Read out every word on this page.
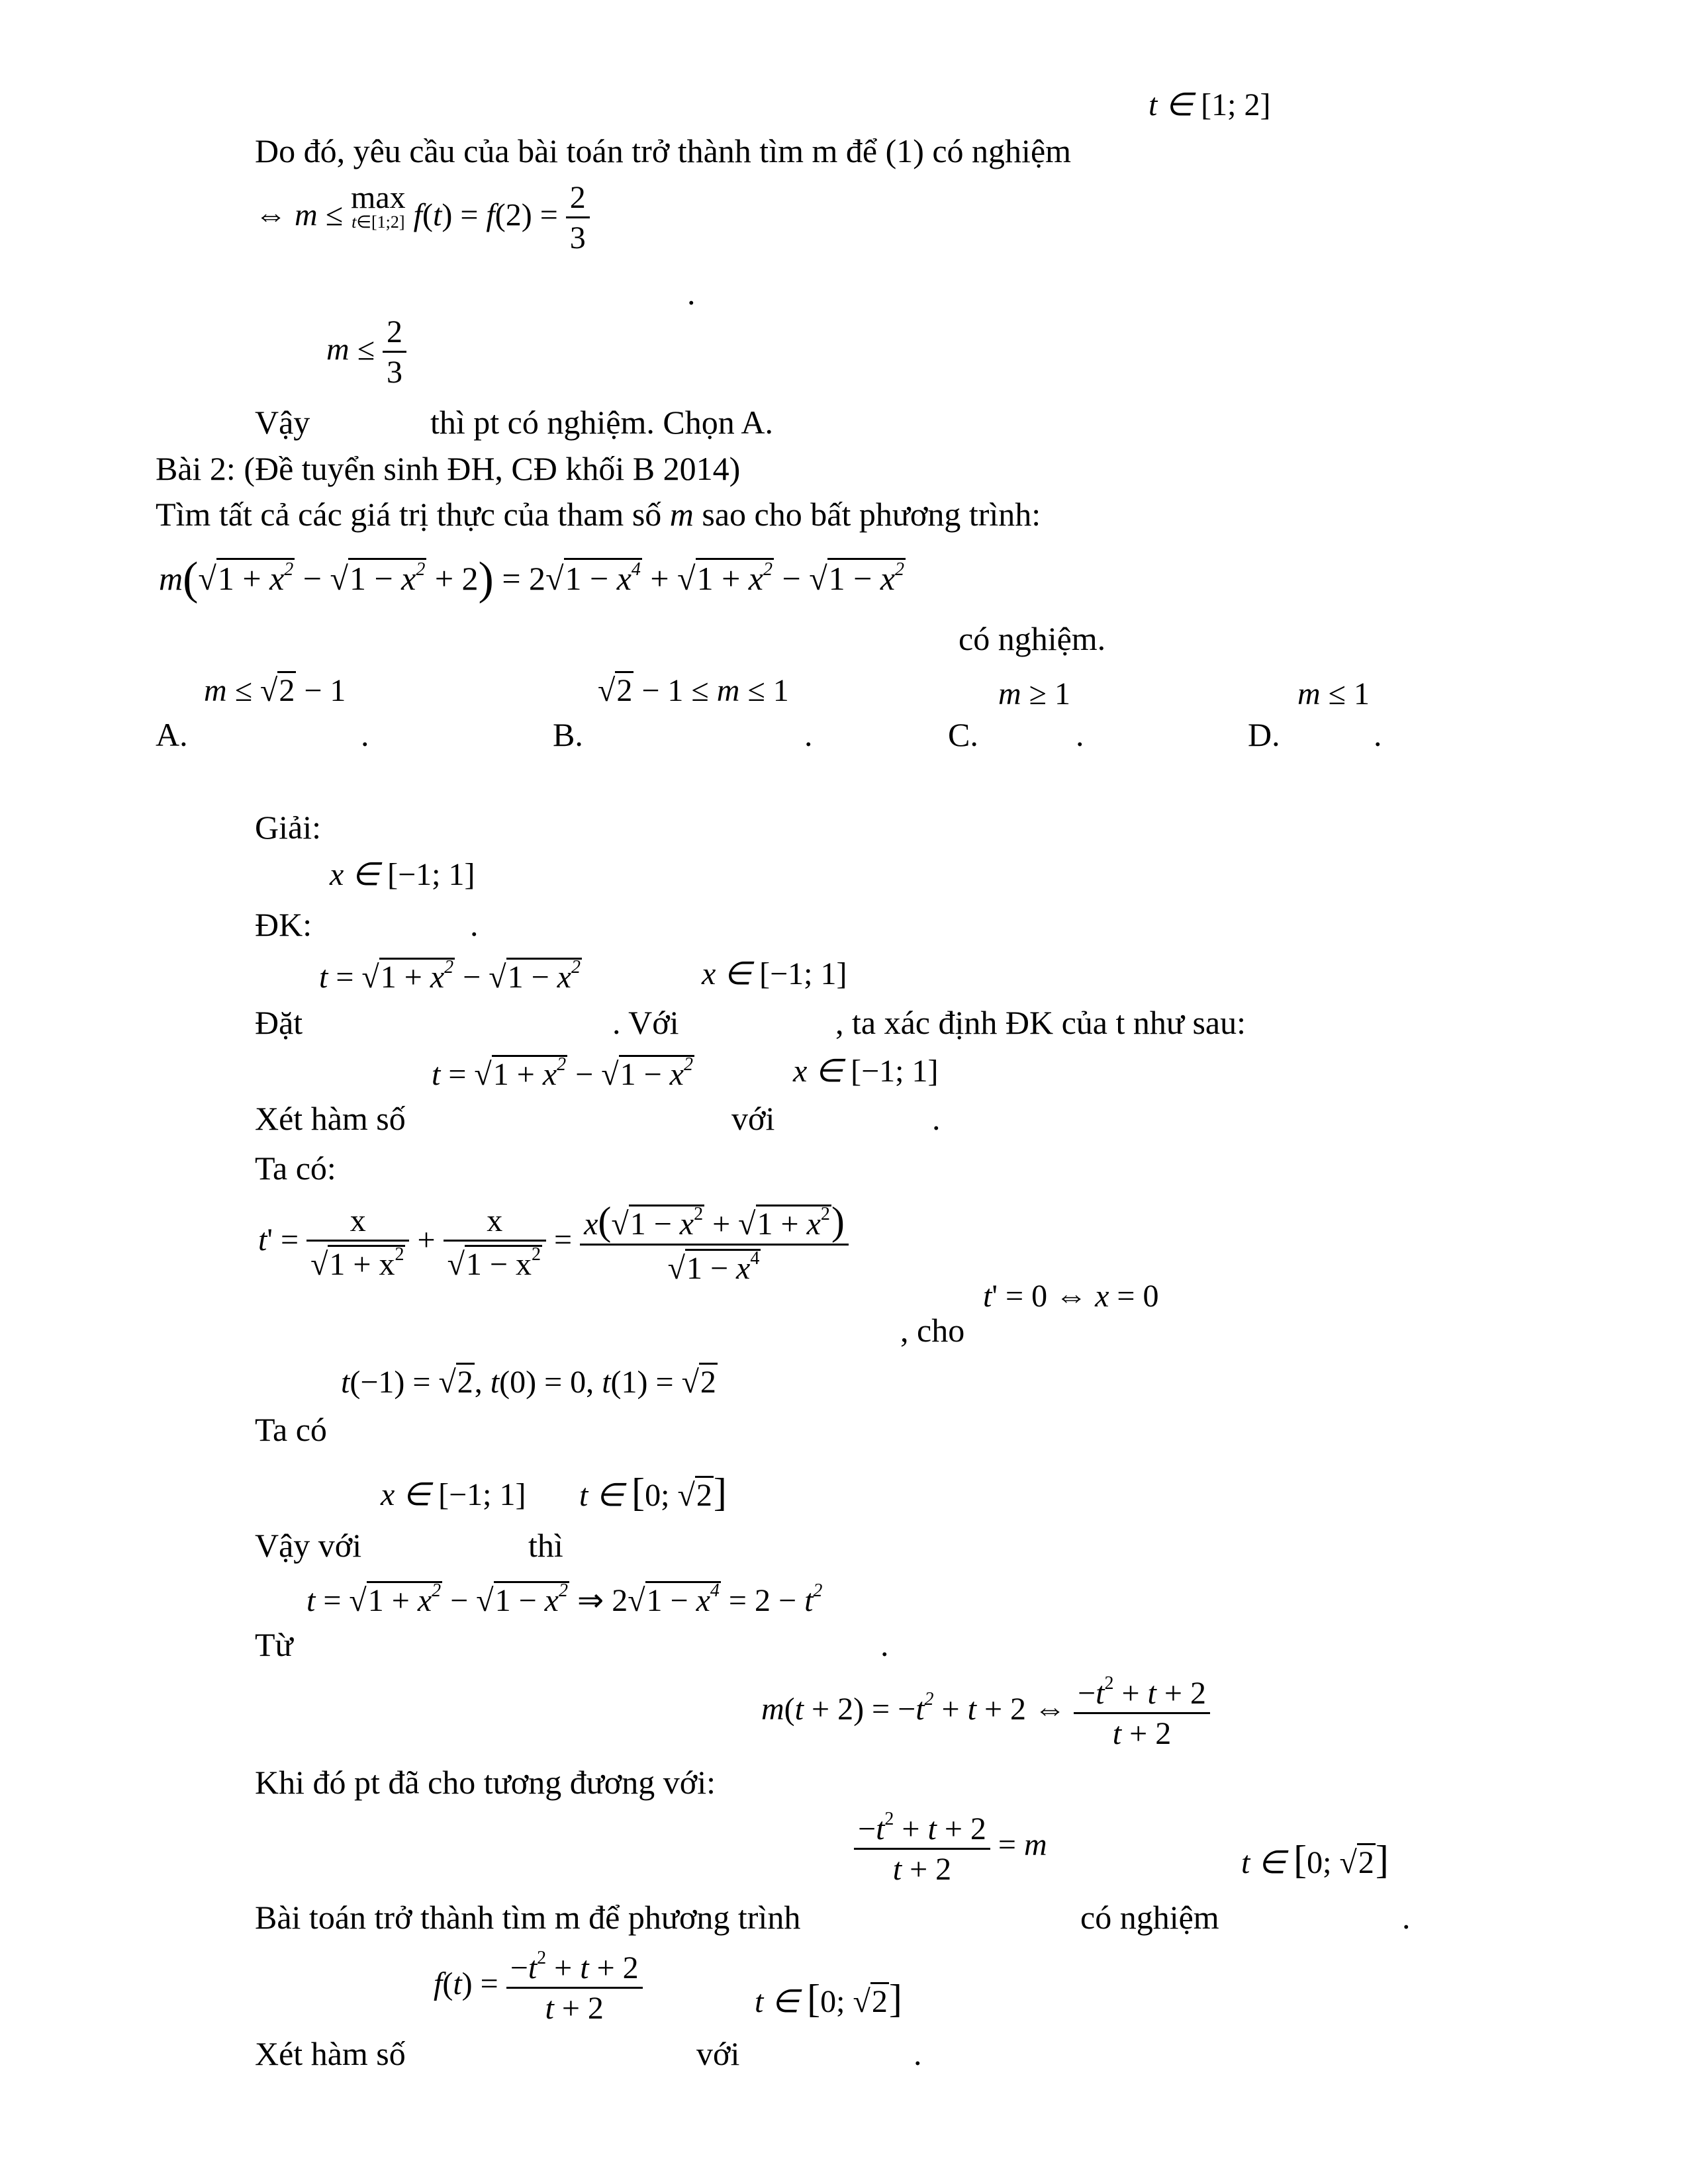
t ∈ [1; 2]
Do đó, yêu cầu của bài toán trở thành tìm m để (1) có nghiệm
⇔ m ≤
max
t∈[1;2] $f(t) = f(2) = \frac{2}{3}$
.
$m \le \frac{2}{3}$
Vậy	thì pt có nghiệm. Chọn A.
Bài 2: (Đề tuyển sinh ĐH, CĐ khối B 2014)
Tìm tất cả các giá trị thực của tham số m sao cho bất phương trình:
$m(√1 + x^2 - √1 - x^2 + 2) = 2√1 - x^4 + √1 + x^2 - √1 - x^2$
có nghiệm.
m ≤ √2 − 1	√2 − 1 ≤ m ≤ 1	m ≥ 1	m ≤ 1
A.	.	B.	.	C.	.	D.	.
Giải:
x ∈ [−1; 1]
ĐK:	.
$t = √1 + x^2 - √1 - x^2$	x ∈ [−1; 1]
Đặt	. Với	, ta xác định ĐK của t như sau:
$t = √1 + x^2 - √1 - x^2$	x ∈ [−1; 1]
Xét hàm số	với	.
Ta có:
$t' = \frac{x}{√1 + x^2} + \frac{x}{√1 - x^2} = \frac{x(√1 - x^2 + √1 + x^2)}{√1 - x^4}$
t' = 0 ⇔ x = 0
, cho
t(−1) = √2, t(0) = 0, t(1) = √2
Ta có
x ∈ [−1; 1] t ∈ [0; √2]
Vậy với	thì
$t = √1 + x^2 - √1 - x^2$ ⇒ $2√1 - x^4 = 2 - t^2$
Từ	.
$m(t + 2) = -t^2 + t + 2$ ⇔ $\frac{-t^2 + t + 2}{t + 2}$
Khi đó pt đã cho tương đương với:
$\frac{-t^2 + t + 2}{t + 2} = m$
t ∈ [0; √2]
Bài toán trở thành tìm m để phương trình	có nghiệm	.
$f(t) = \frac{-t^2 + t + 2}{t + 2}$	t ∈ [0; √2]
Xét hàm số	với	.
